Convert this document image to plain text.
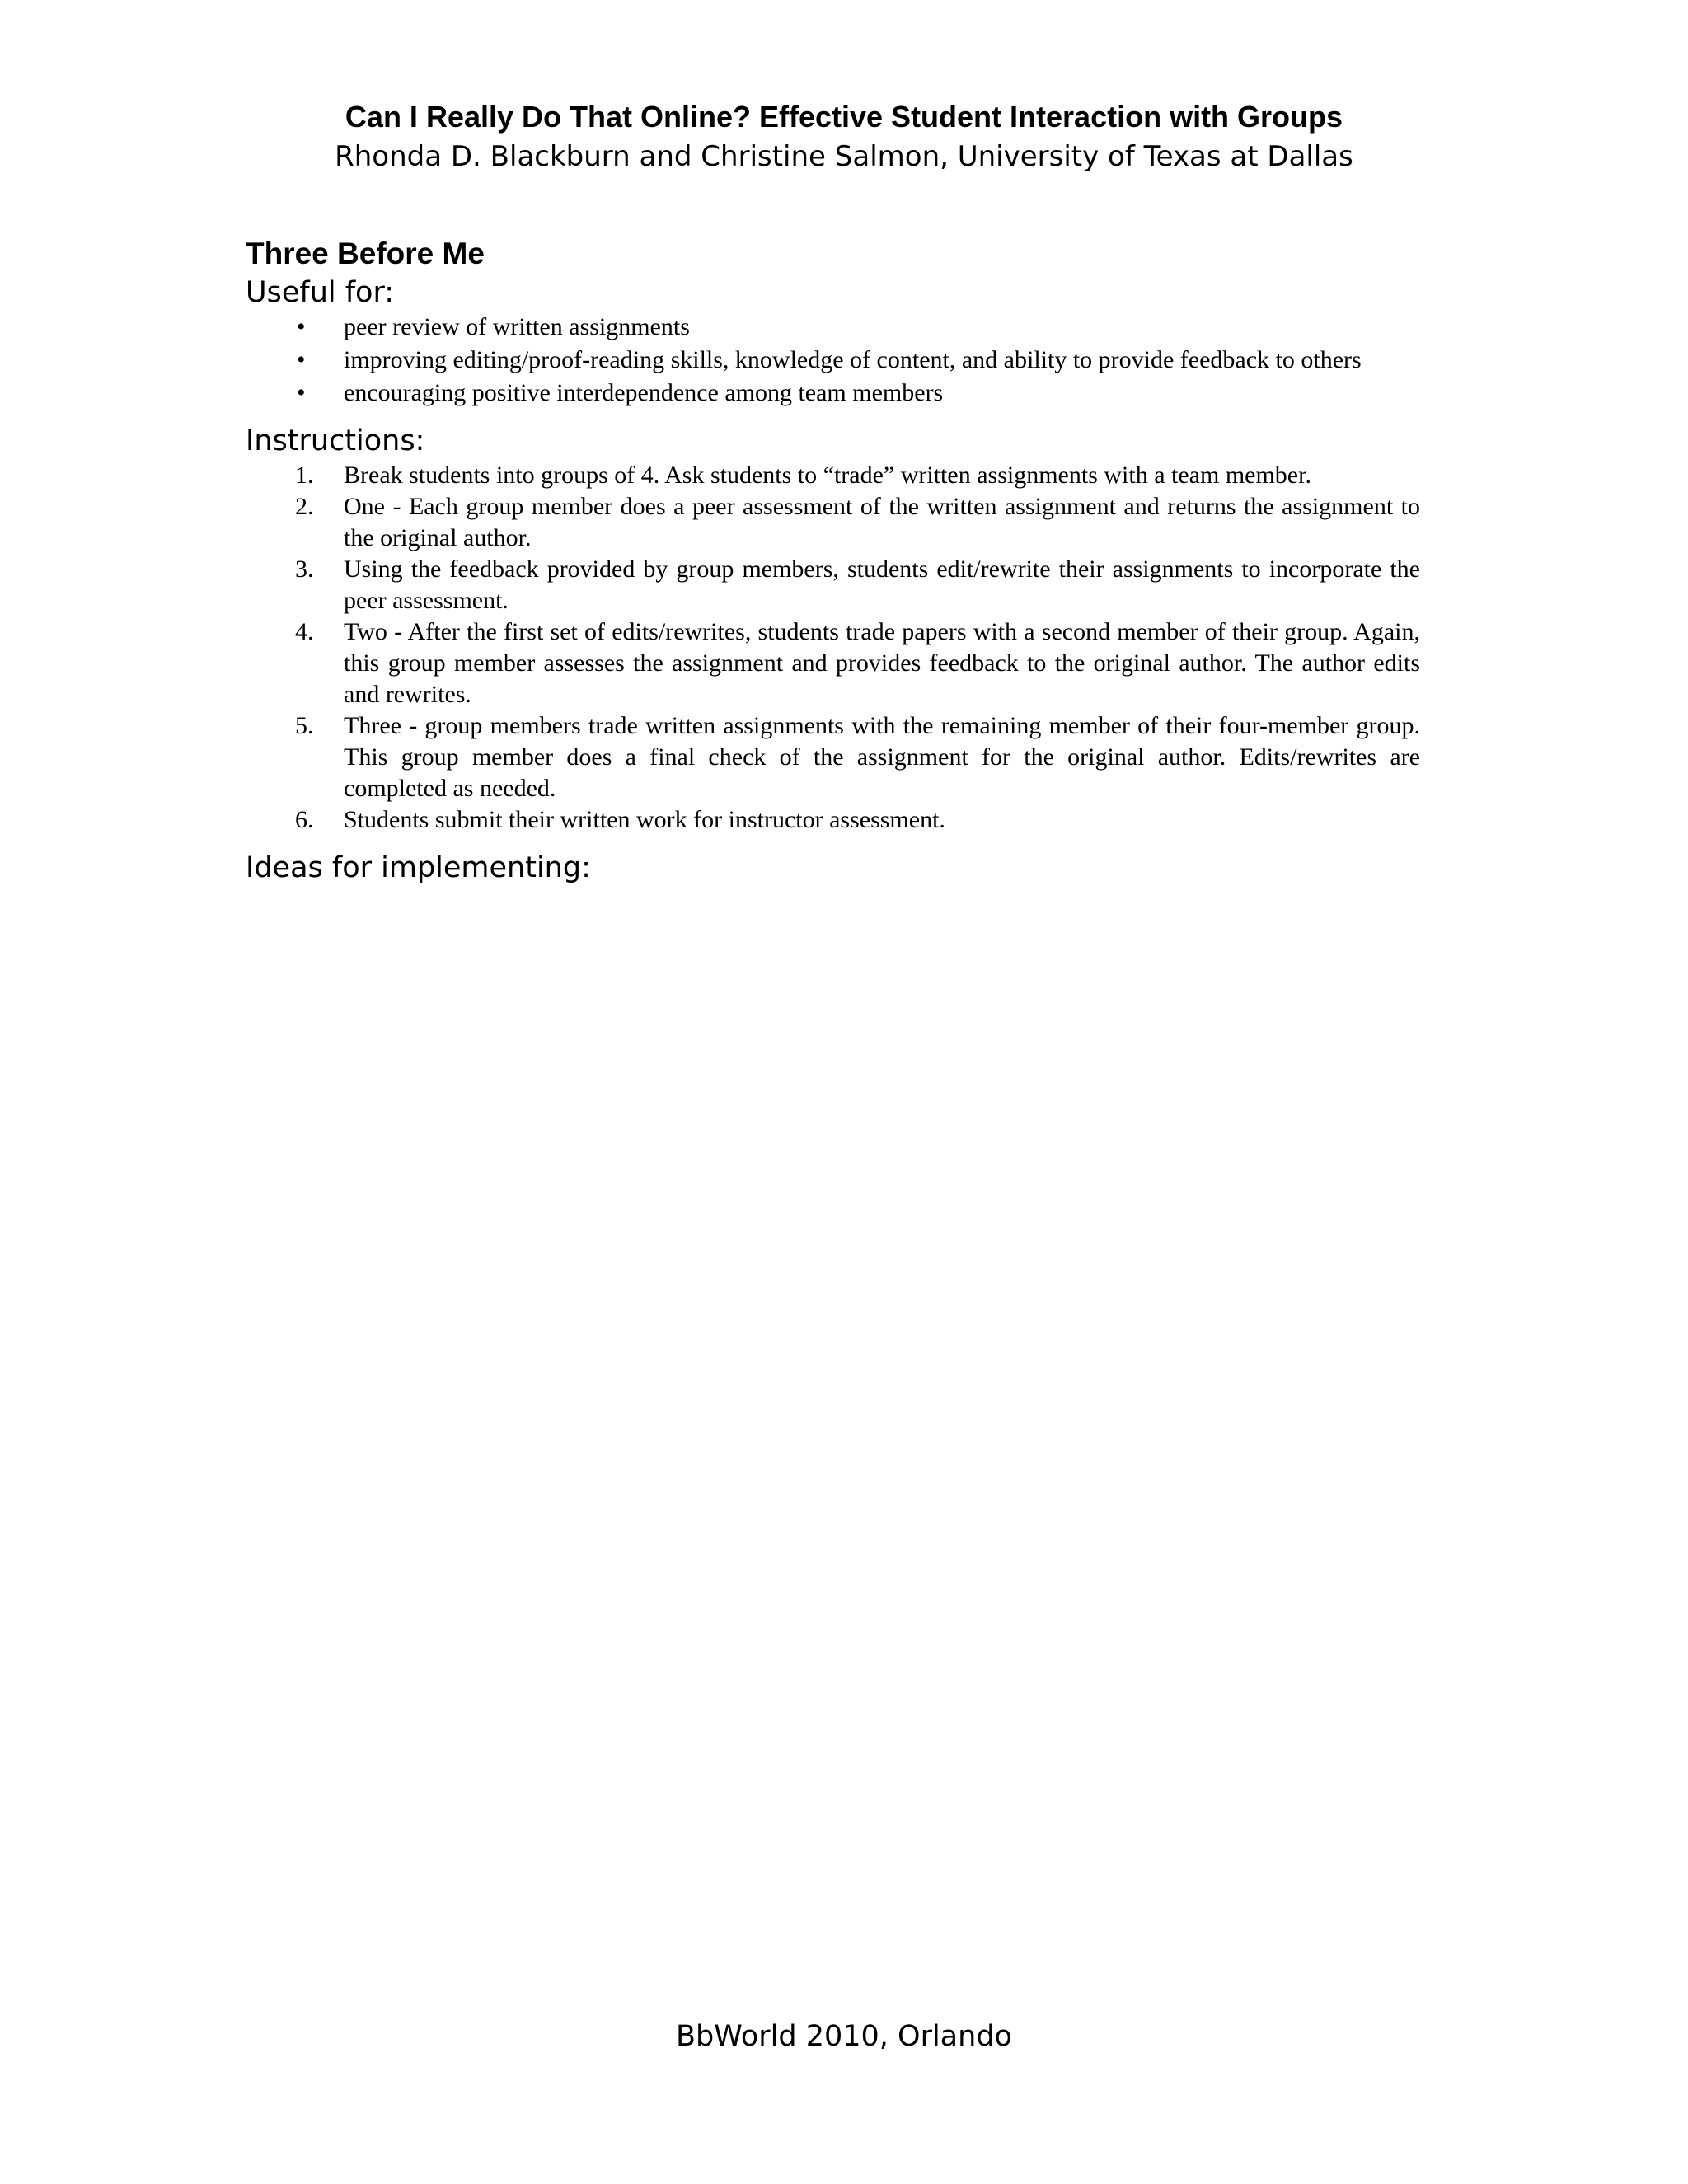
Can I Really Do That Online? Effective Student Interaction with Groups
Rhonda D. Blackburn and Christine Salmon, University of Texas at Dallas
Three Before Me
Useful for:
• peer review of written assignments
• improving editing/proof-reading skills, knowledge of content, and ability to provide feedback to others
• encouraging positive interdependence among team members
Instructions:
1. Break students into groups of 4. Ask students to “trade” written assignments with a team member.
2. One - Each group member does a peer assessment of the written assignment and returns the assignment to the original author.
3. Using the feedback provided by group members, students edit/rewrite their assignments to incorporate the peer assessment.
4. Two - After the first set of edits/rewrites, students trade papers with a second member of their group. Again, this group member assesses the assignment and provides feedback to the original author. The author edits and rewrites.
5. Three - group members trade written assignments with the remaining member of their four-member group. This group member does a final check of the assignment for the original author. Edits/rewrites are completed as needed.
6. Students submit their written work for instructor assessment.
Ideas for implementing:
BbWorld 2010, Orlando
